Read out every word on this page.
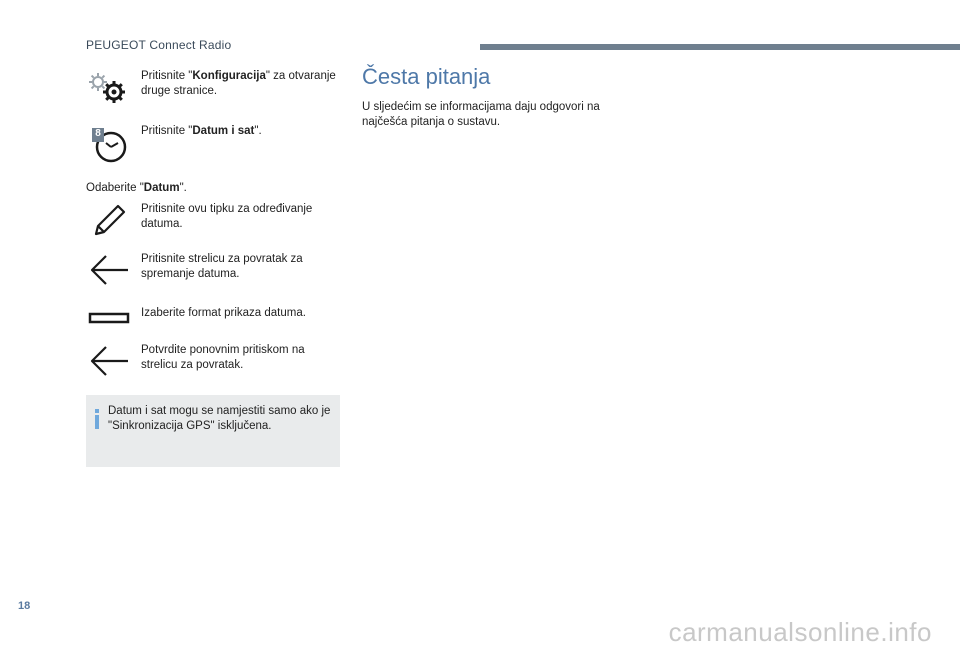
PEUGEOT Connect Radio
Pritisnite "Konfiguracija" za otvaranje druge stranice.
8	Pritisnite "Datum i sat".
Odaberite "Datum".
Pritisnite ovu tipku za određivanje datuma.
Pritisnite strelicu za povratak za spremanje datuma.
Izaberite format prikaza datuma.
Potvrdite ponovnim pritiskom na strelicu za povratak.
Datum i sat mogu se namjestiti samo ako je "Sinkronizacija GPS" isključena.
Česta pitanja
U sljedećim se informacijama daju odgovori na najčešća pitanja o sustavu.
18
carmanualsonline.info
